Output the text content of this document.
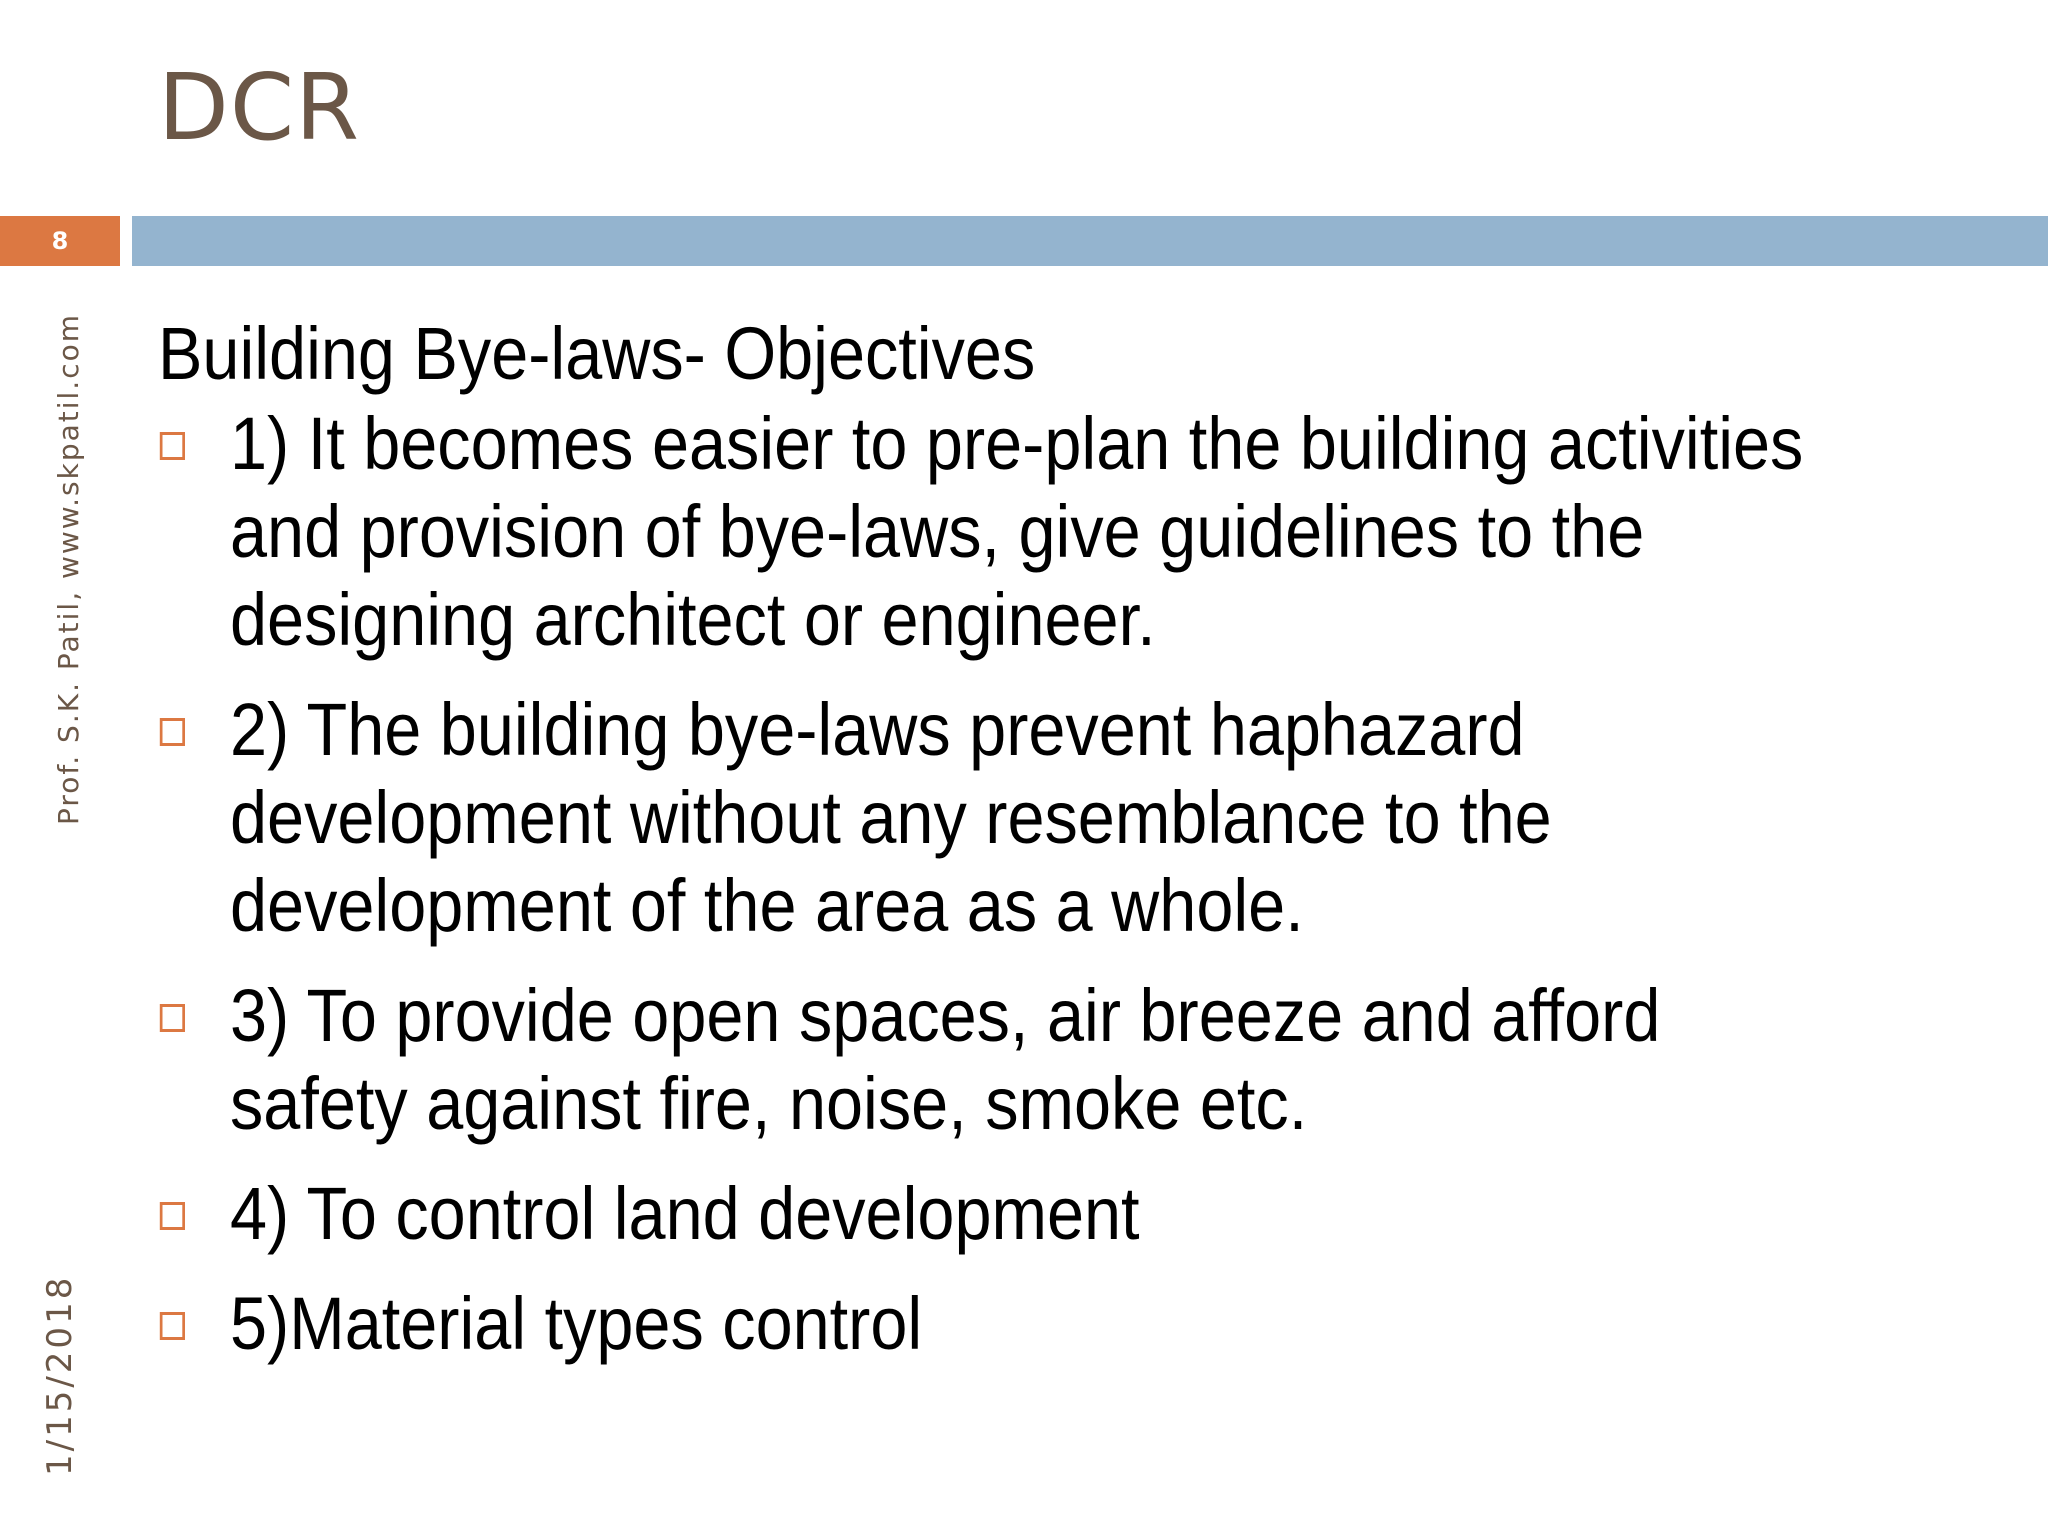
DCR
8
Prof. S.K. Patil, www.skpatil.com
1/15/2018
Building Bye-laws- Objectives
1) It becomes easier to pre-plan the building activities and provision of bye-laws, give guidelines to the designing architect or engineer.
2) The building bye-laws prevent haphazard development without any resemblance to the development of the area as a whole.
3) To provide open spaces, air breeze and afford safety against fire, noise, smoke etc.
4) To control land development
5)Material types control
